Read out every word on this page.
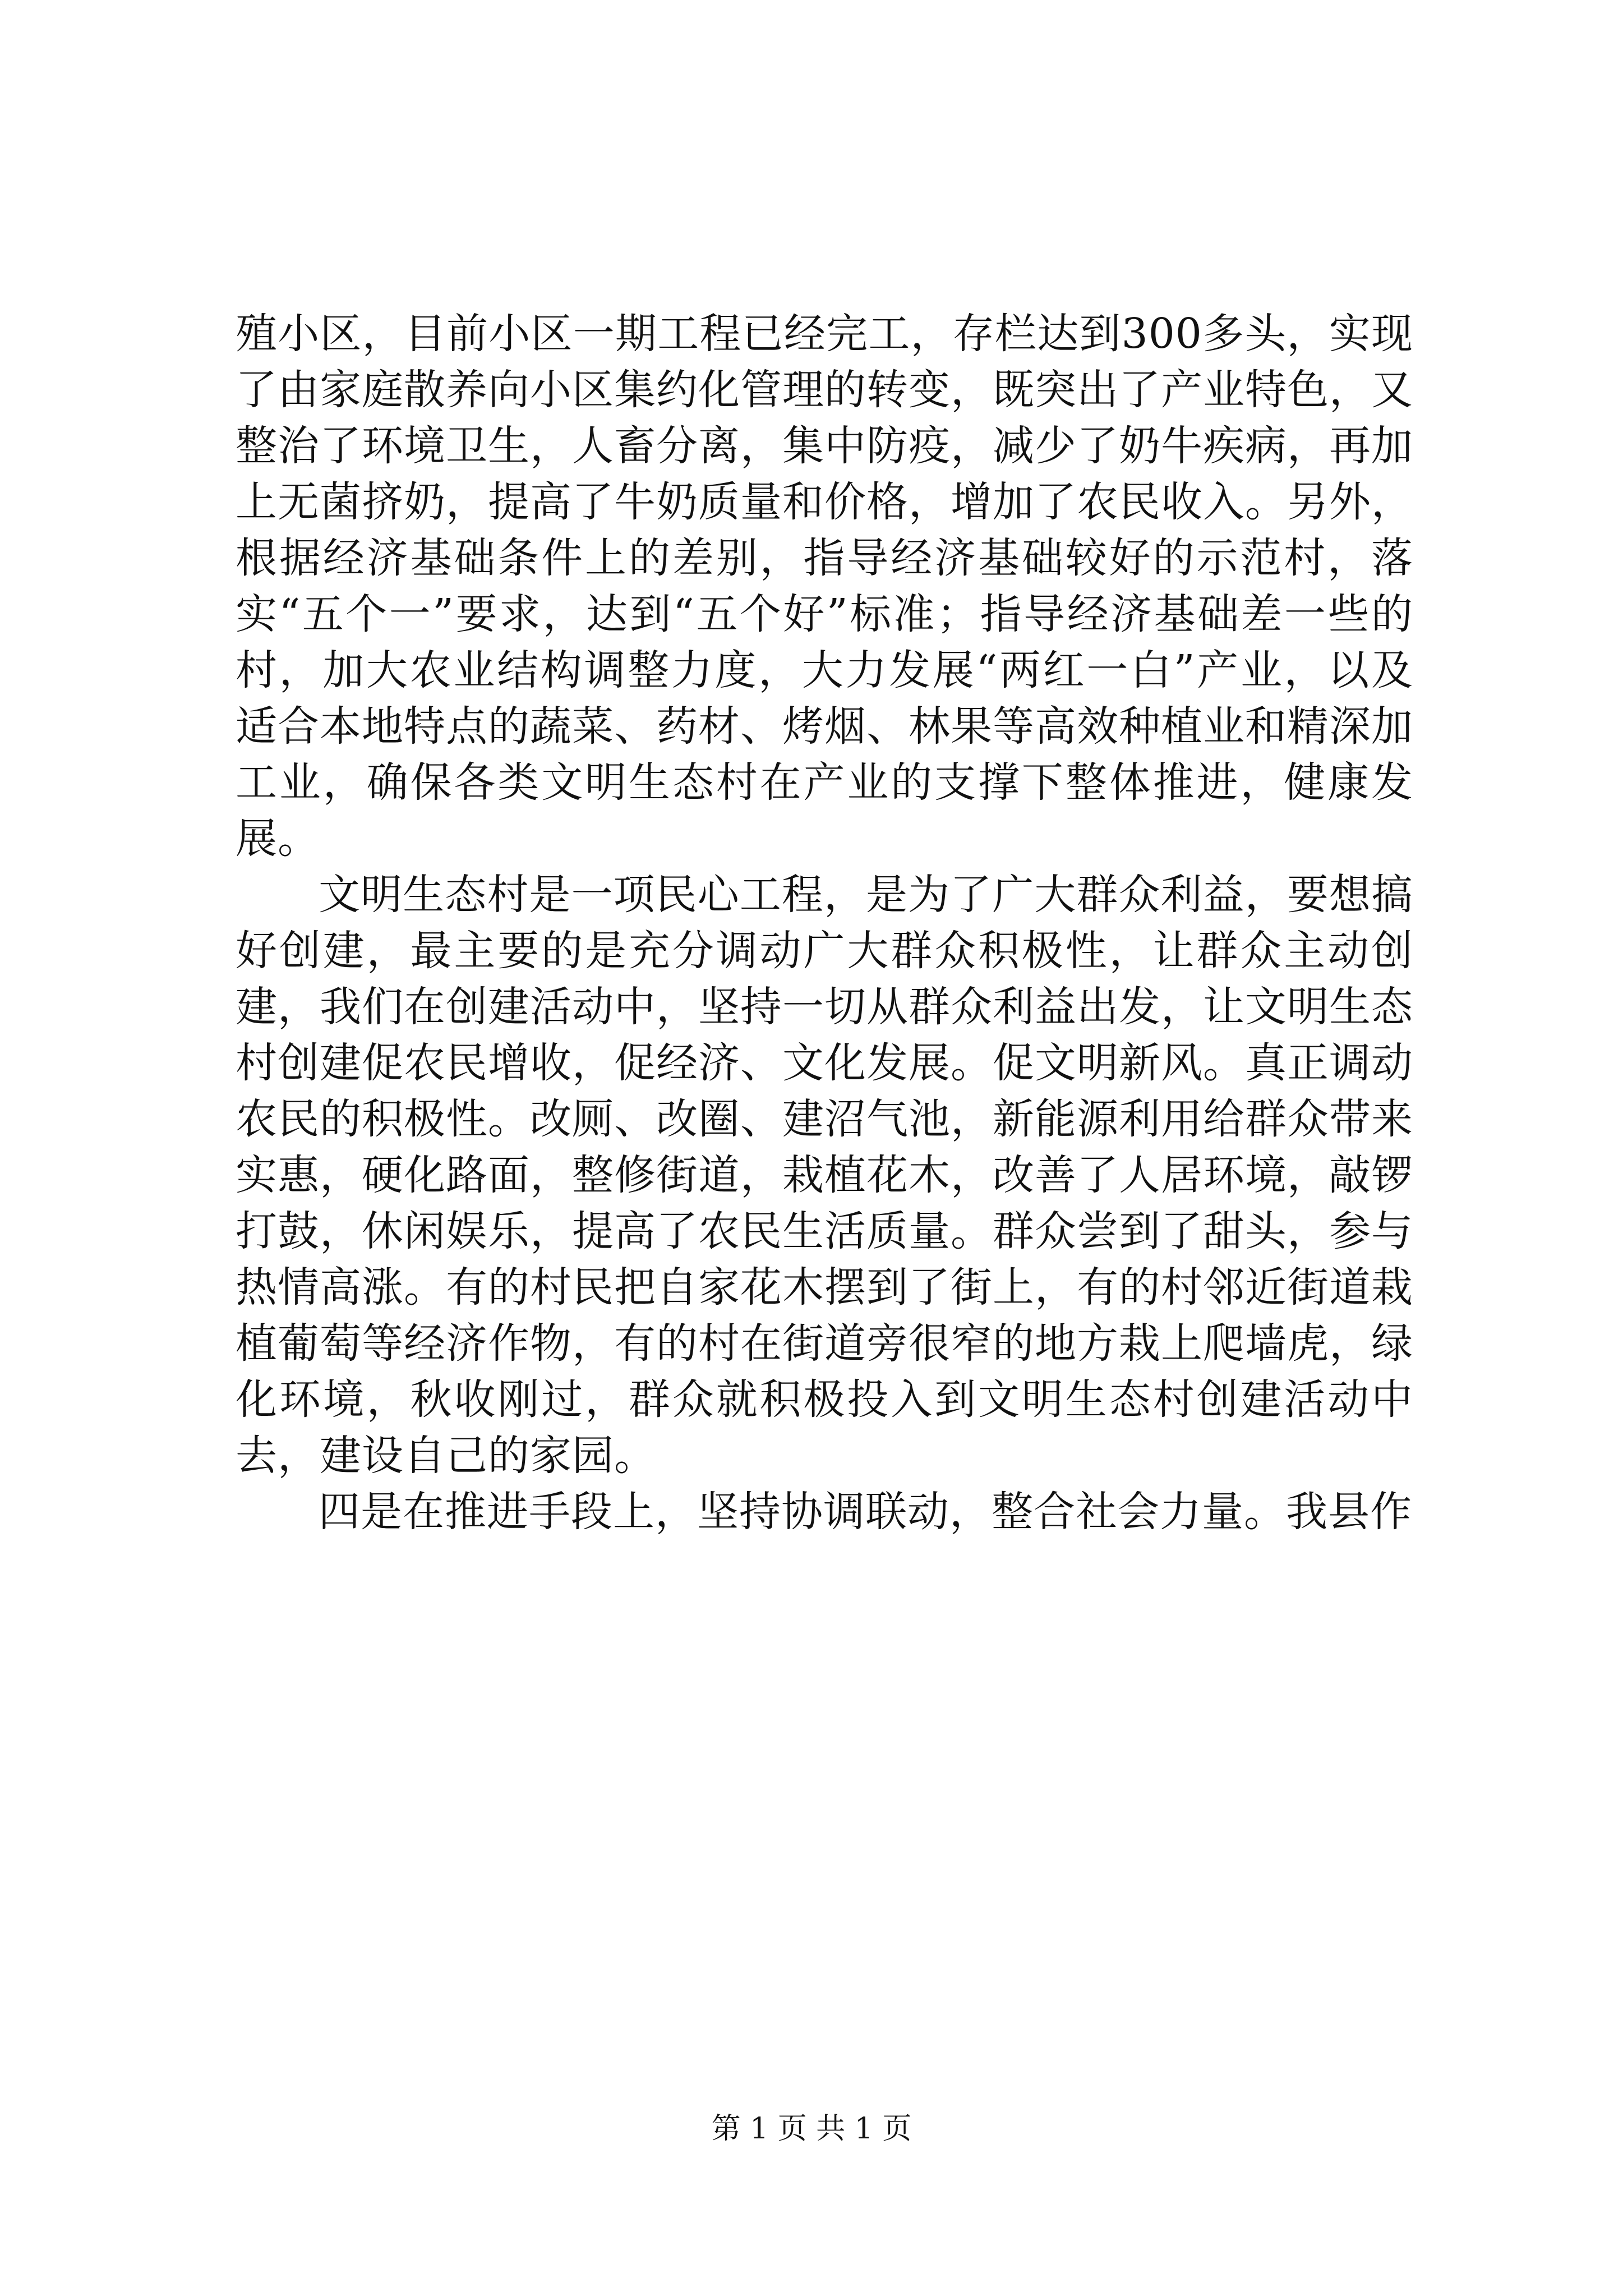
殖小区，目前小区一期工程已经完工，存栏达到300多头，实现了由家庭散养向小区集约化管理的转变，既突出了产业特色，又整治了环境卫生，人畜分离，集中防疫，减少了奶牛疾病，再加上无菌挤奶，提高了牛奶质量和价格，增加了农民收入。另外，根据经济基础条件上的差别，指导经济基础较好的示范村，落实“五个一”要求，达到“五个好”标准；指导经济基础差一些的村，加大农业结构调整力度，大力发展“两红一白”产业，以及适合本地特点的蔬菜、药材、烤烟、林果等高效种植业和精深加工业，确保各类文明生态村在产业的支撑下整体推进，健康发展。

文明生态村是一项民心工程，是为了广大群众利益，要想搞好创建，最主要的是充分调动广大群众积极性，让群众主动创建，我们在创建活动中，坚持一切从群众利益出发，让文明生态村创建促农民增收，促经济、文化发展。促文明新风。真正调动农民的积极性。改厕、改圈、建沼气池，新能源利用给群众带来实惠，硬化路面，整修街道，栽植花木，改善了人居环境，敲锣打鼓，休闲娱乐，提高了农民生活质量。群众尝到了甜头，参与热情高涨。有的村民把自家花木摆到了街上，有的村邻近街道栽植葡萄等经济作物，有的村在街道旁很窄的地方栽上爬墙虎，绿化环境，秋收刚过，群众就积极投入到文明生态村创建活动中去，建设自己的家园。

四是在推进手段上，坚持协调联动，整合社会力量。我县作

第 1 页 共 1 页
